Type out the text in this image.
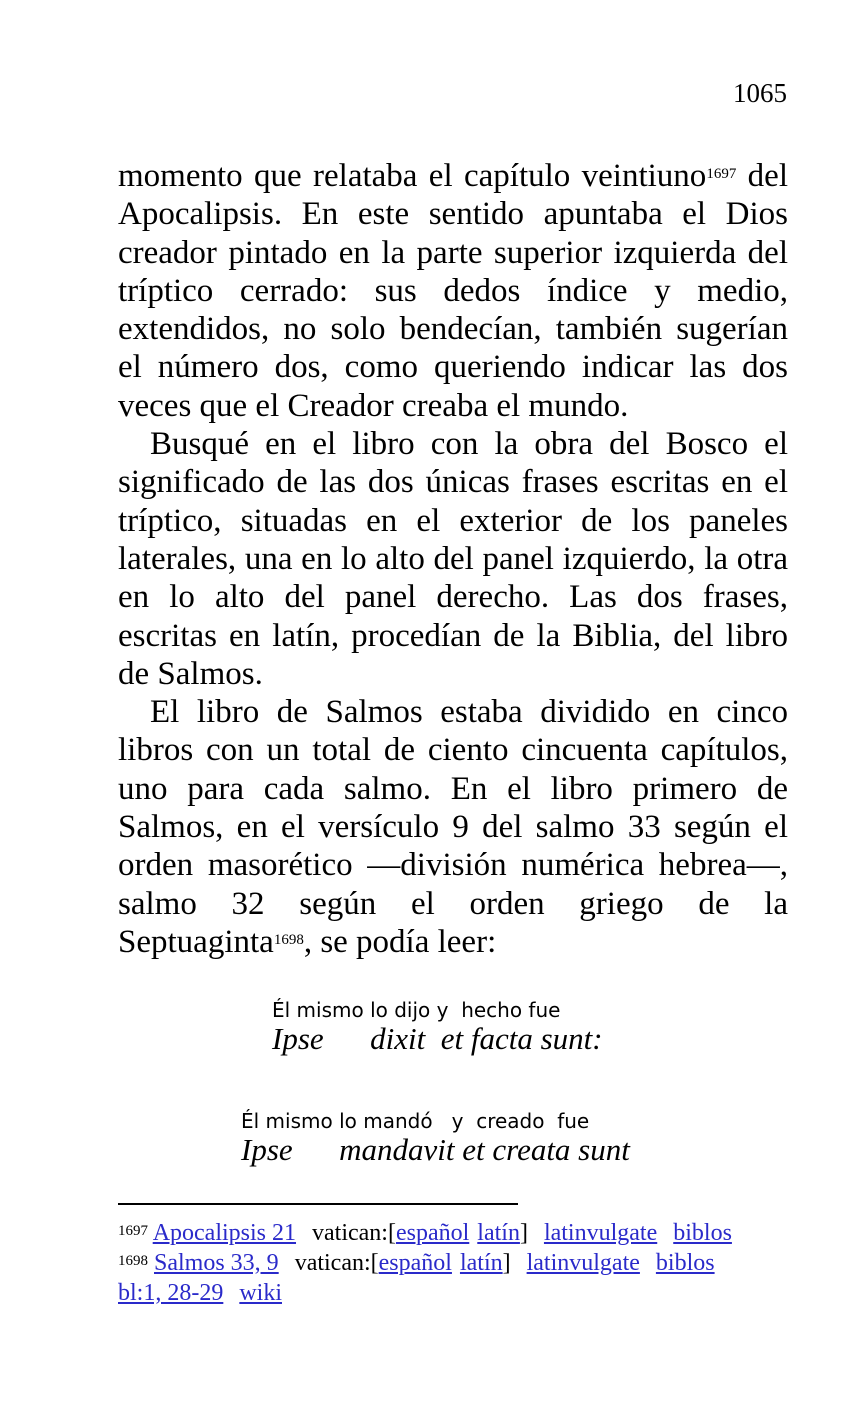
1065

momento que relataba el capítulo veintiuno$^{1697}$ del Apocalipsis. En este sentido apuntaba el Dios creador pintado en la parte superior izquierda del tríptico cerrado: sus dedos índice y medio, extendidos, no solo bendecían, también sugerían el número dos, como queriendo indicar las dos veces que el Creador creaba el mundo.

Busqué en el libro con la obra del Bosco el significado de las dos únicas frases escritas en el tríptico, situadas en el exterior de los paneles laterales, una en lo alto del panel izquierdo, la otra en lo alto del panel derecho. Las dos frases, escritas en latín, procedían de la Biblia, del libro de Salmos.

El libro de Salmos estaba dividido en cinco libros con un total de ciento cincuenta capítulos, uno para cada salmo. En el libro primero de Salmos, en el versículo 9 del salmo 33 según el orden masorético —división numérica hebrea—, salmo 32 según el orden griego de la

Septuaginta$^{1698}$, se podía leer:

Él mismo lo dijo y  hecho fue
Ipse      dixit  et facta sunt:
Él mismo lo mandó   y  creado  fue
Ipse      mandavit et creata sunt
$^{1697}$ Apocalipsis 21 vatican:[español latín] latinvulgate biblos
$^{1698}$ Salmos 33, 9 vatican:[español latín] latinvulgate biblos
bl:1, 28-29 wiki
